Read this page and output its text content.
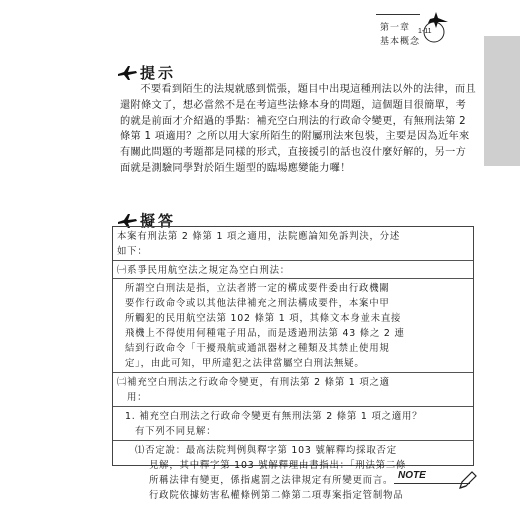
第一章
基本概念
1-11
提示
不要看到陌生的法規就感到慌張，題目中出現這種刑法以外的法律，而且還附條文了，想必當然不是在考這些法條本身的問題，這個題目很簡單，考的就是前面才介紹過的爭點：補充空白刑法的行政命令變更，有無刑法第 2 條第 1 項適用？之所以用大家所陌生的附屬刑法來包裝，主要是因為近年來有關此問題的考題都是同樣的形式，直接援引的話也沒什麼好解的，另一方面就是測驗同學對於陌生題型的臨場應變能力囉！
擬答
本案有刑法第 2 條第 1 項之適用，法院應論知免訴判決，分述
如下：
㈠系爭民用航空法之規定為空白刑法：
所謂空白刑法是指，立法者將一定的構成要件委由行政機關
要作行政命令或以其他法律補充之刑法構成要件，本案中甲
所觸犯的民用航空法第 102 條第 1 項，其條文本身並未直接
飛機上不得使用何種電子用品，而是透過刑法第 43 條之 2 連
結到行政命令「干擾飛航或通訊器材之種類及其禁止使用規
定」，由此可知，甲所違犯之法律當屬空白刑法無疑。
㈡補充空白刑法之行政命令變更，有刑法第 2 條第 1 項之適
用：
1. 補充空白刑法之行政命令變更有無刑法第 2 條第 1 項之適用？
有下列不同見解：
⑴否定說：最高法院判例與釋字第 103 號解釋均採取否定
見解，其中釋字第 103 號解釋理由書指出：「刑法第二條
所稱法律有變更，係指處罰之法律規定有所變更而言。
行政院依據妨害私權條例第二條第二項專案指定管制物品
NOTE
